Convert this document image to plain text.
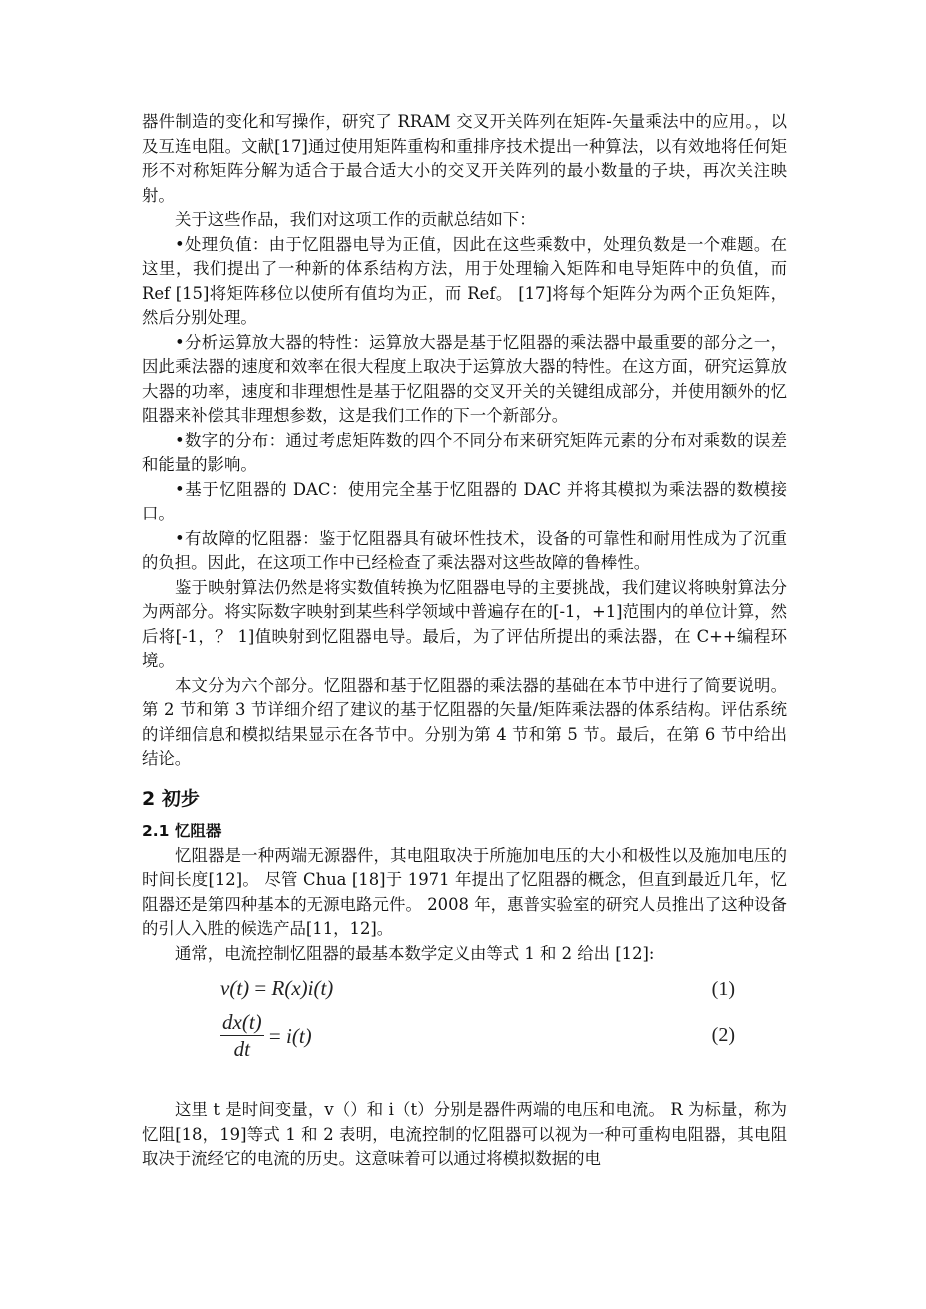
器件制造的变化和写操作，研究了 RRAM 交叉开关阵列在矩阵-矢量乘法中的应用。，以及互连电阻。文献[17]通过使用矩阵重构和重排序技术提出一种算法，以有效地将任何矩形不对称矩阵分解为适合于最合适大小的交叉开关阵列的最小数量的子块，再次关注映射。

关于这些作品，我们对这项工作的贡献总结如下：

•处理负值：由于忆阻器电导为正值，因此在这些乘数中，处理负数是一个难题。在这里，我们提出了一种新的体系结构方法，用于处理输入矩阵和电导矩阵中的负值，而 Ref [15]将矩阵移位以使所有值均为正，而 Ref。 [17]将每个矩阵分为两个正负矩阵，然后分别处理。

•分析运算放大器的特性：运算放大器是基于忆阻器的乘法器中最重要的部分之一，因此乘法器的速度和效率在很大程度上取决于运算放大器的特性。在这方面，研究运算放大器的功率，速度和非理想性是基于忆阻器的交叉开关的关键组成部分，并使用额外的忆阻器来补偿其非理想参数，这是我们工作的下一个新部分。

•数字的分布：通过考虑矩阵数的四个不同分布来研究矩阵元素的分布对乘数的误差和能量的影响。

•基于忆阻器的 DAC：使用完全基于忆阻器的 DAC 并将其模拟为乘法器的数模接口。

•有故障的忆阻器：鉴于忆阻器具有破坏性技术，设备的可靠性和耐用性成为了沉重的负担。因此，在这项工作中已经检查了乘法器对这些故障的鲁棒性。

鉴于映射算法仍然是将实数值转换为忆阻器电导的主要挑战，我们建议将映射算法分为两部分。将实际数字映射到某些科学领域中普遍存在的[-1，+1]范围内的单位计算，然后将[-1，？ 1]值映射到忆阻器电导。最后，为了评估所提出的乘法器，在 C++编程环境。

本文分为六个部分。忆阻器和基于忆阻器的乘法器的基础在本节中进行了简要说明。 第 2 节和第 3 节详细介绍了建议的基于忆阻器的矢量/矩阵乘法器的体系结构。评估系统的详细信息和模拟结果显示在各节中。分别为第 4 节和第 5 节。最后，在第 6 节中给出结论。

2 初步
2.1 忆阻器

忆阻器是一种两端无源器件，其电阻取决于所施加电压的大小和极性以及施加电压的时间长度[12]。 尽管 Chua [18]于 1971 年提出了忆阻器的概念，但直到最近几年，忆阻器还是第四种基本的无源电路元件。 2008 年，惠普实验室的研究人员推出了这种设备的引人入胜的候选产品[11，12]。

通常，电流控制忆阻器的最基本数学定义由等式 1 和 2 给出 [12]:

v(t) = R(x)i(t)	(1)
$\frac{dx(t)}{dt} = i(t)$	(2)

这里 t 是时间变量，v（）和 i（t）分别是器件两端的电压和电流。 R 为标量，称为忆阻[18，19]等式 1 和 2 表明，电流控制的忆阻器可以视为一种可重构电阻器，其电阻取决于流经它的电流的历史。这意味着可以通过将模拟数据的电
